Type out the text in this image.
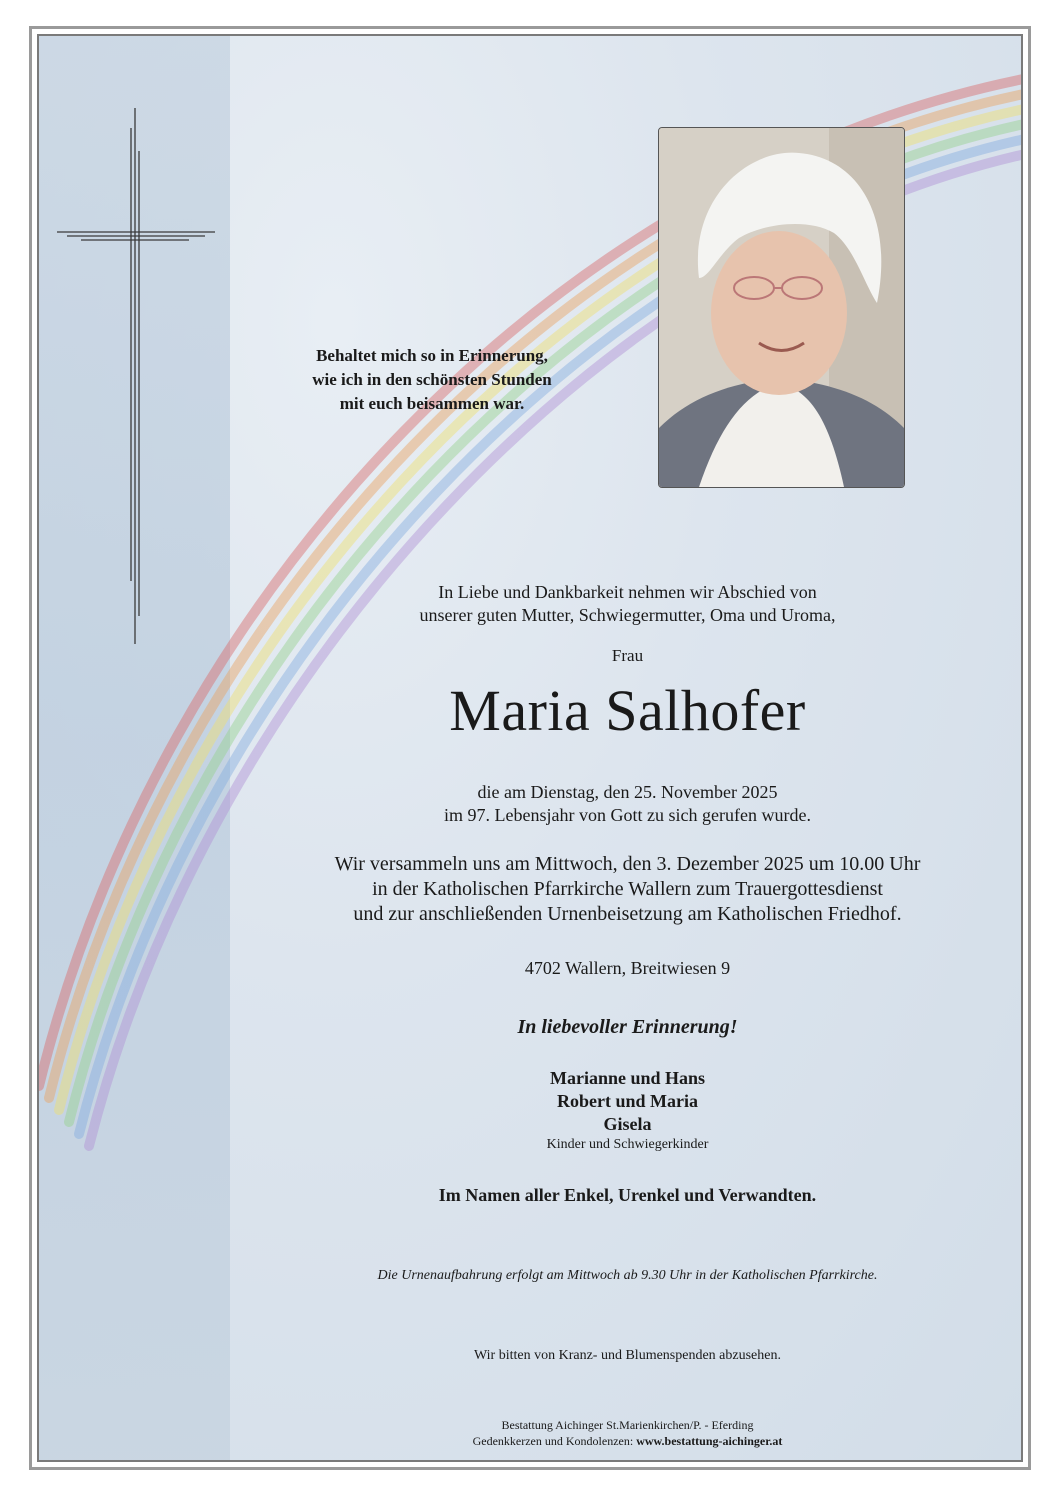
Behaltet mich so in Erinnerung,
wie ich in den schönsten Stunden
mit euch beisammen war.
In Liebe und Dankbarkeit nehmen wir Abschied von
unserer guten Mutter, Schwiegermutter, Oma und Uroma,
Frau
Maria Salhofer
die am Dienstag, den 25. November 2025
im 97. Lebensjahr von Gott zu sich gerufen wurde.
Wir versammeln uns am Mittwoch, den 3. Dezember 2025 um 10.00 Uhr
in der Katholischen Pfarrkirche Wallern zum Trauergottesdienst
und zur anschließenden Urnenbeisetzung am Katholischen Friedhof.
4702 Wallern, Breitwiesen 9
In liebevoller Erinnerung!
Marianne und Hans
Robert und Maria
Gisela
Kinder und Schwiegerkinder
Im Namen aller Enkel, Urenkel und Verwandten.
Die Urnenaufbahrung erfolgt am Mittwoch ab 9.30 Uhr in der Katholischen Pfarrkirche.
Wir bitten von Kranz- und Blumenspenden abzusehen.
Bestattung Aichinger St.Marienkirchen/P. - Eferding
Gedenkkerzen und Kondolenzen: www.bestattung-aichinger.at
